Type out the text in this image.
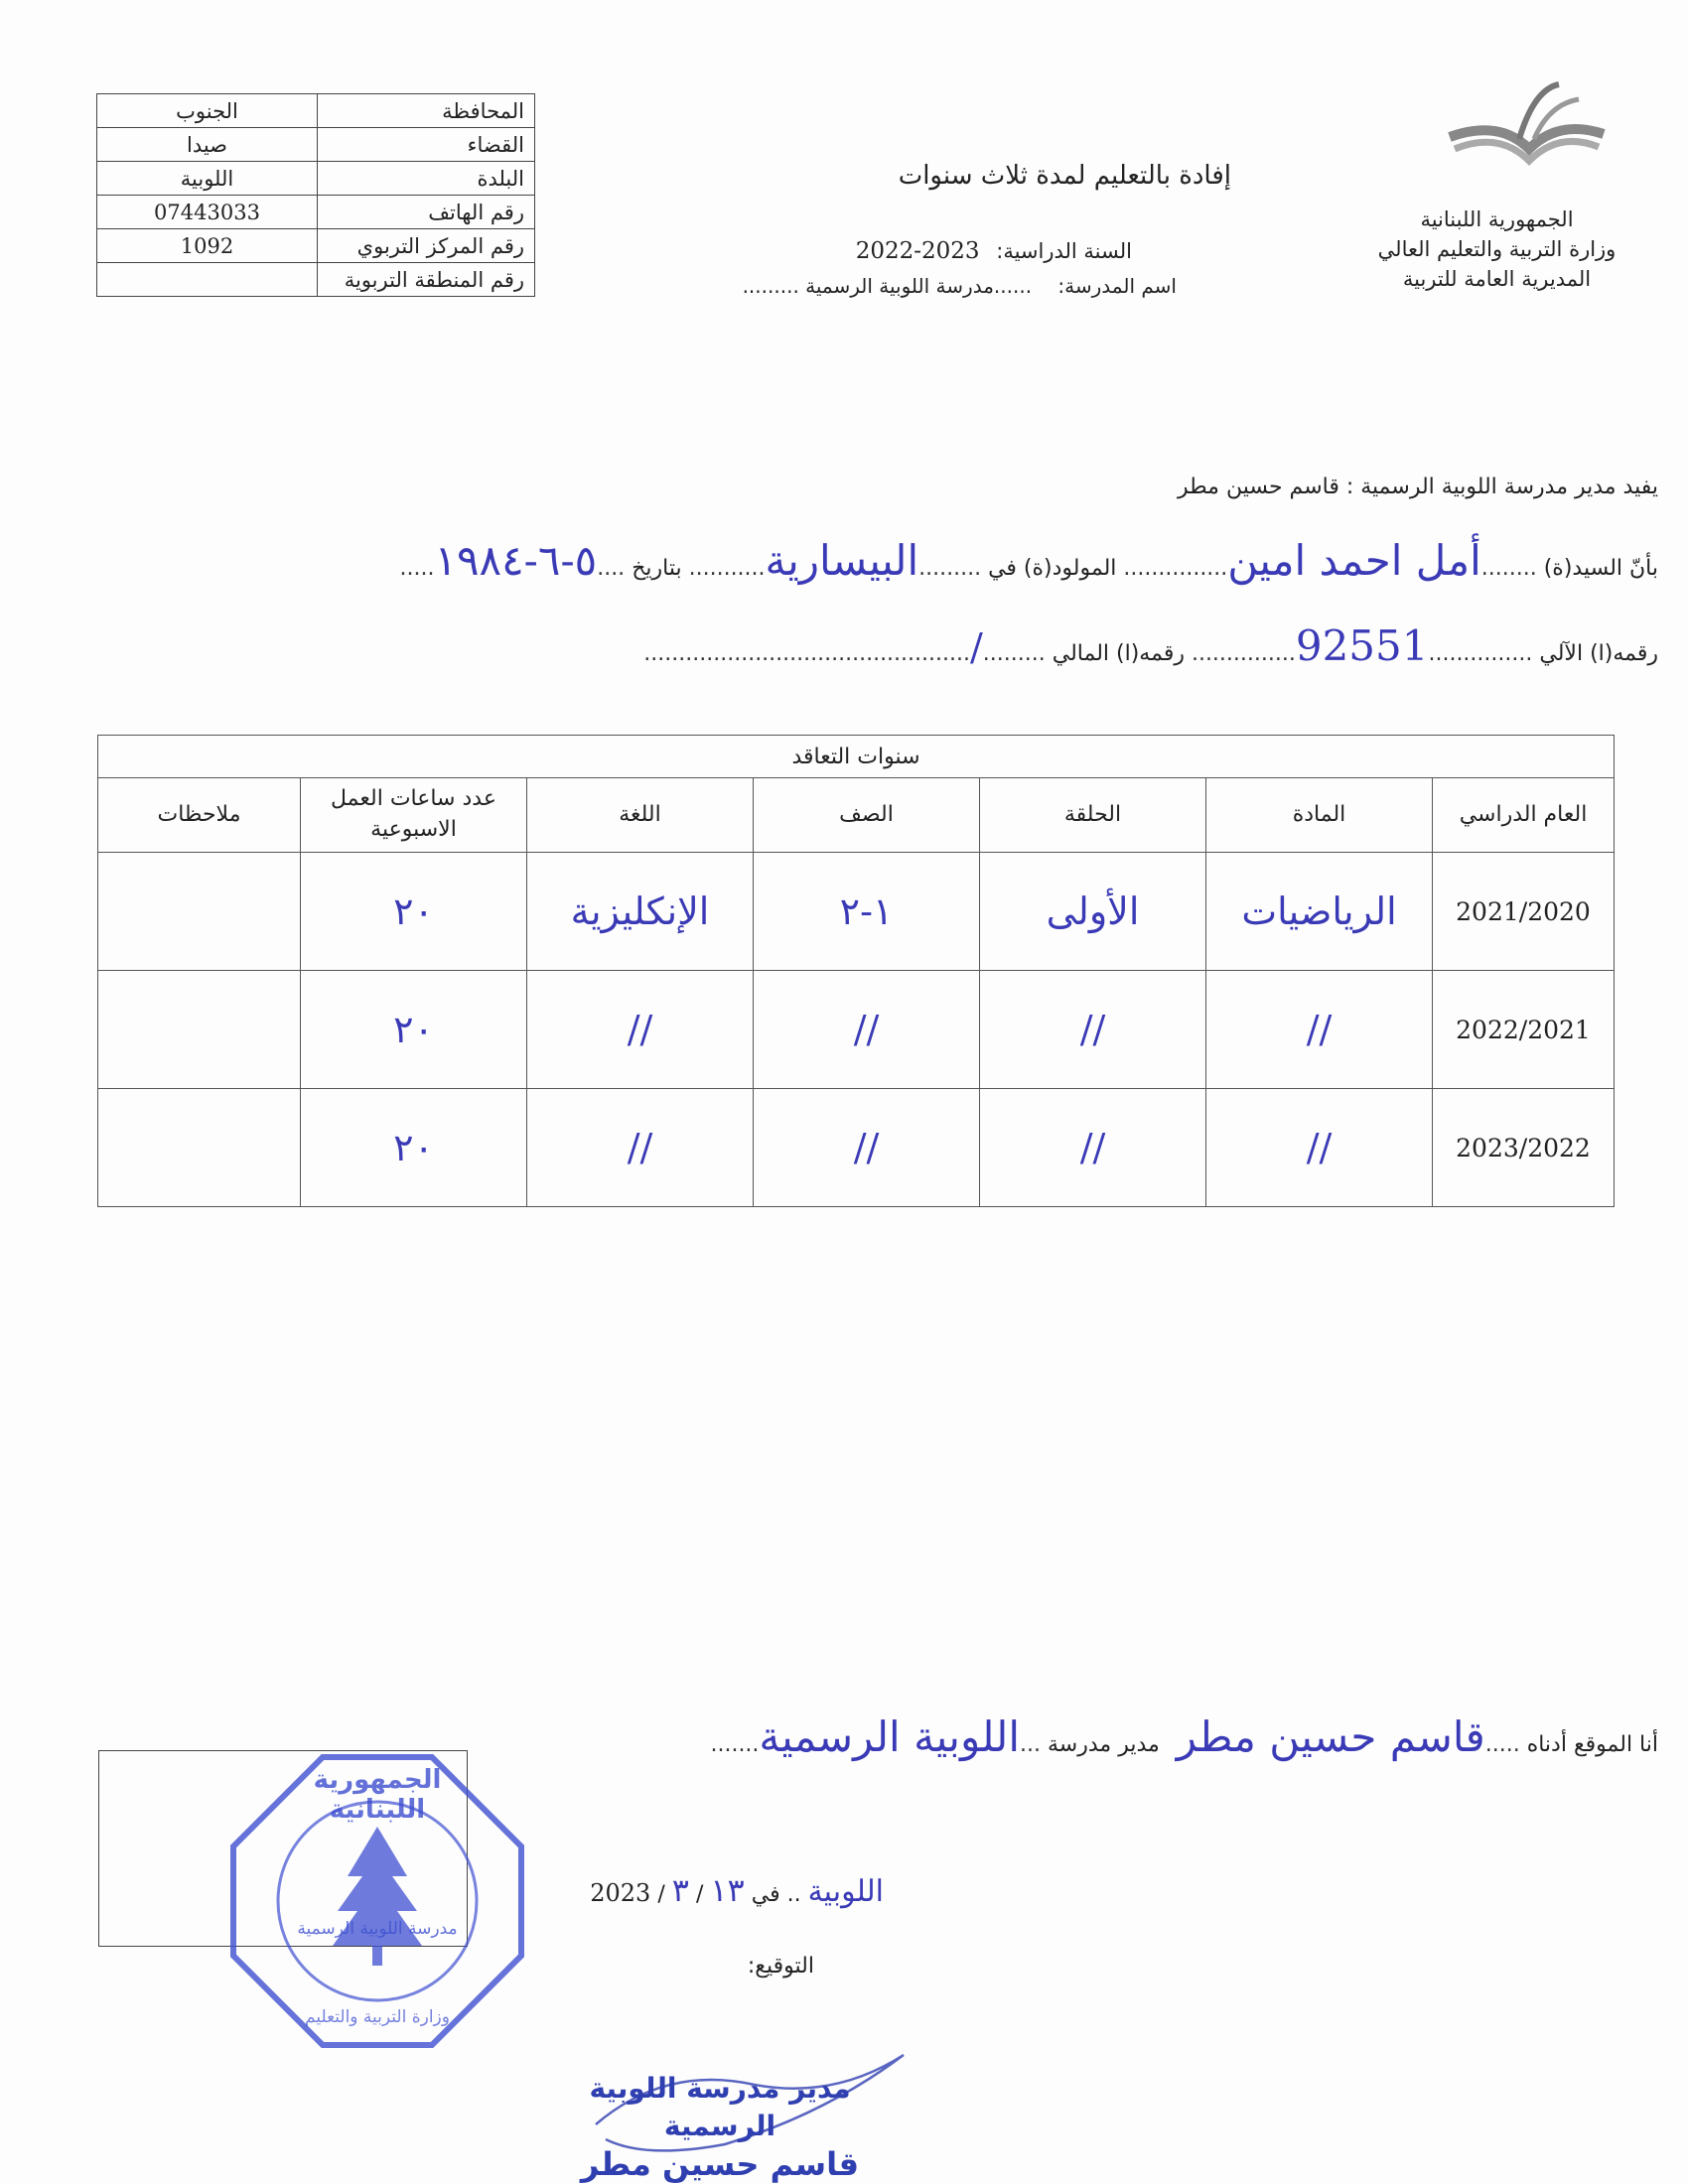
الجمهورية اللبنانية
وزارة التربية والتعليم العالي
المديرية العامة للتربية
إفادة بالتعليم لمدة ثلاث سنوات
السنة الدراسية: 2023-2022
اسم المدرسة: ......مدرسة اللوبية الرسمية .........
المحافظة	الجنوب
القضاء	صيدا
البلدة	اللوبية
رقم الهاتف	07443033
رقم المركز التربوي	1092
رقم المنطقة التربوية	
يفيد مدير مدرسة اللوبية الرسمية : قاسم حسين مطر
بأنّ السيد(ة) ........أمل احمد امين............... المولود(ة) في .........البيسارية........... بتاريخ ....٥-٦-١٩٨٤.....
رقمه(ا) الآلي ...............92551............... رقمه(ا) المالي ........./...............................................
سنوات التعاقد						
العام الدراسي	المادة	الحلقة	الصف	اللغة	عدد ساعات العمل الاسبوعية	ملاحظات
2021/2020	الرياضيات	الأولى	١-٢	الإنكليزية	٢٠	
2022/2021	//	//	//	//	٢٠	
2023/2022	//	//	//	//	٢٠	
أنا الموقع أدناه .....قاسم حسين مطر مدير مدرسة ...اللوبية الرسمية.......
الجمهورية اللبنانية
مدرسة اللوبية الرسمية
وزارة التربية والتعليم
اللوبية .. في ١٣ / ٣ / 2023
التوقيع:
مدير مدرسة اللوبية الرسمية
قاسم حسين مطر
